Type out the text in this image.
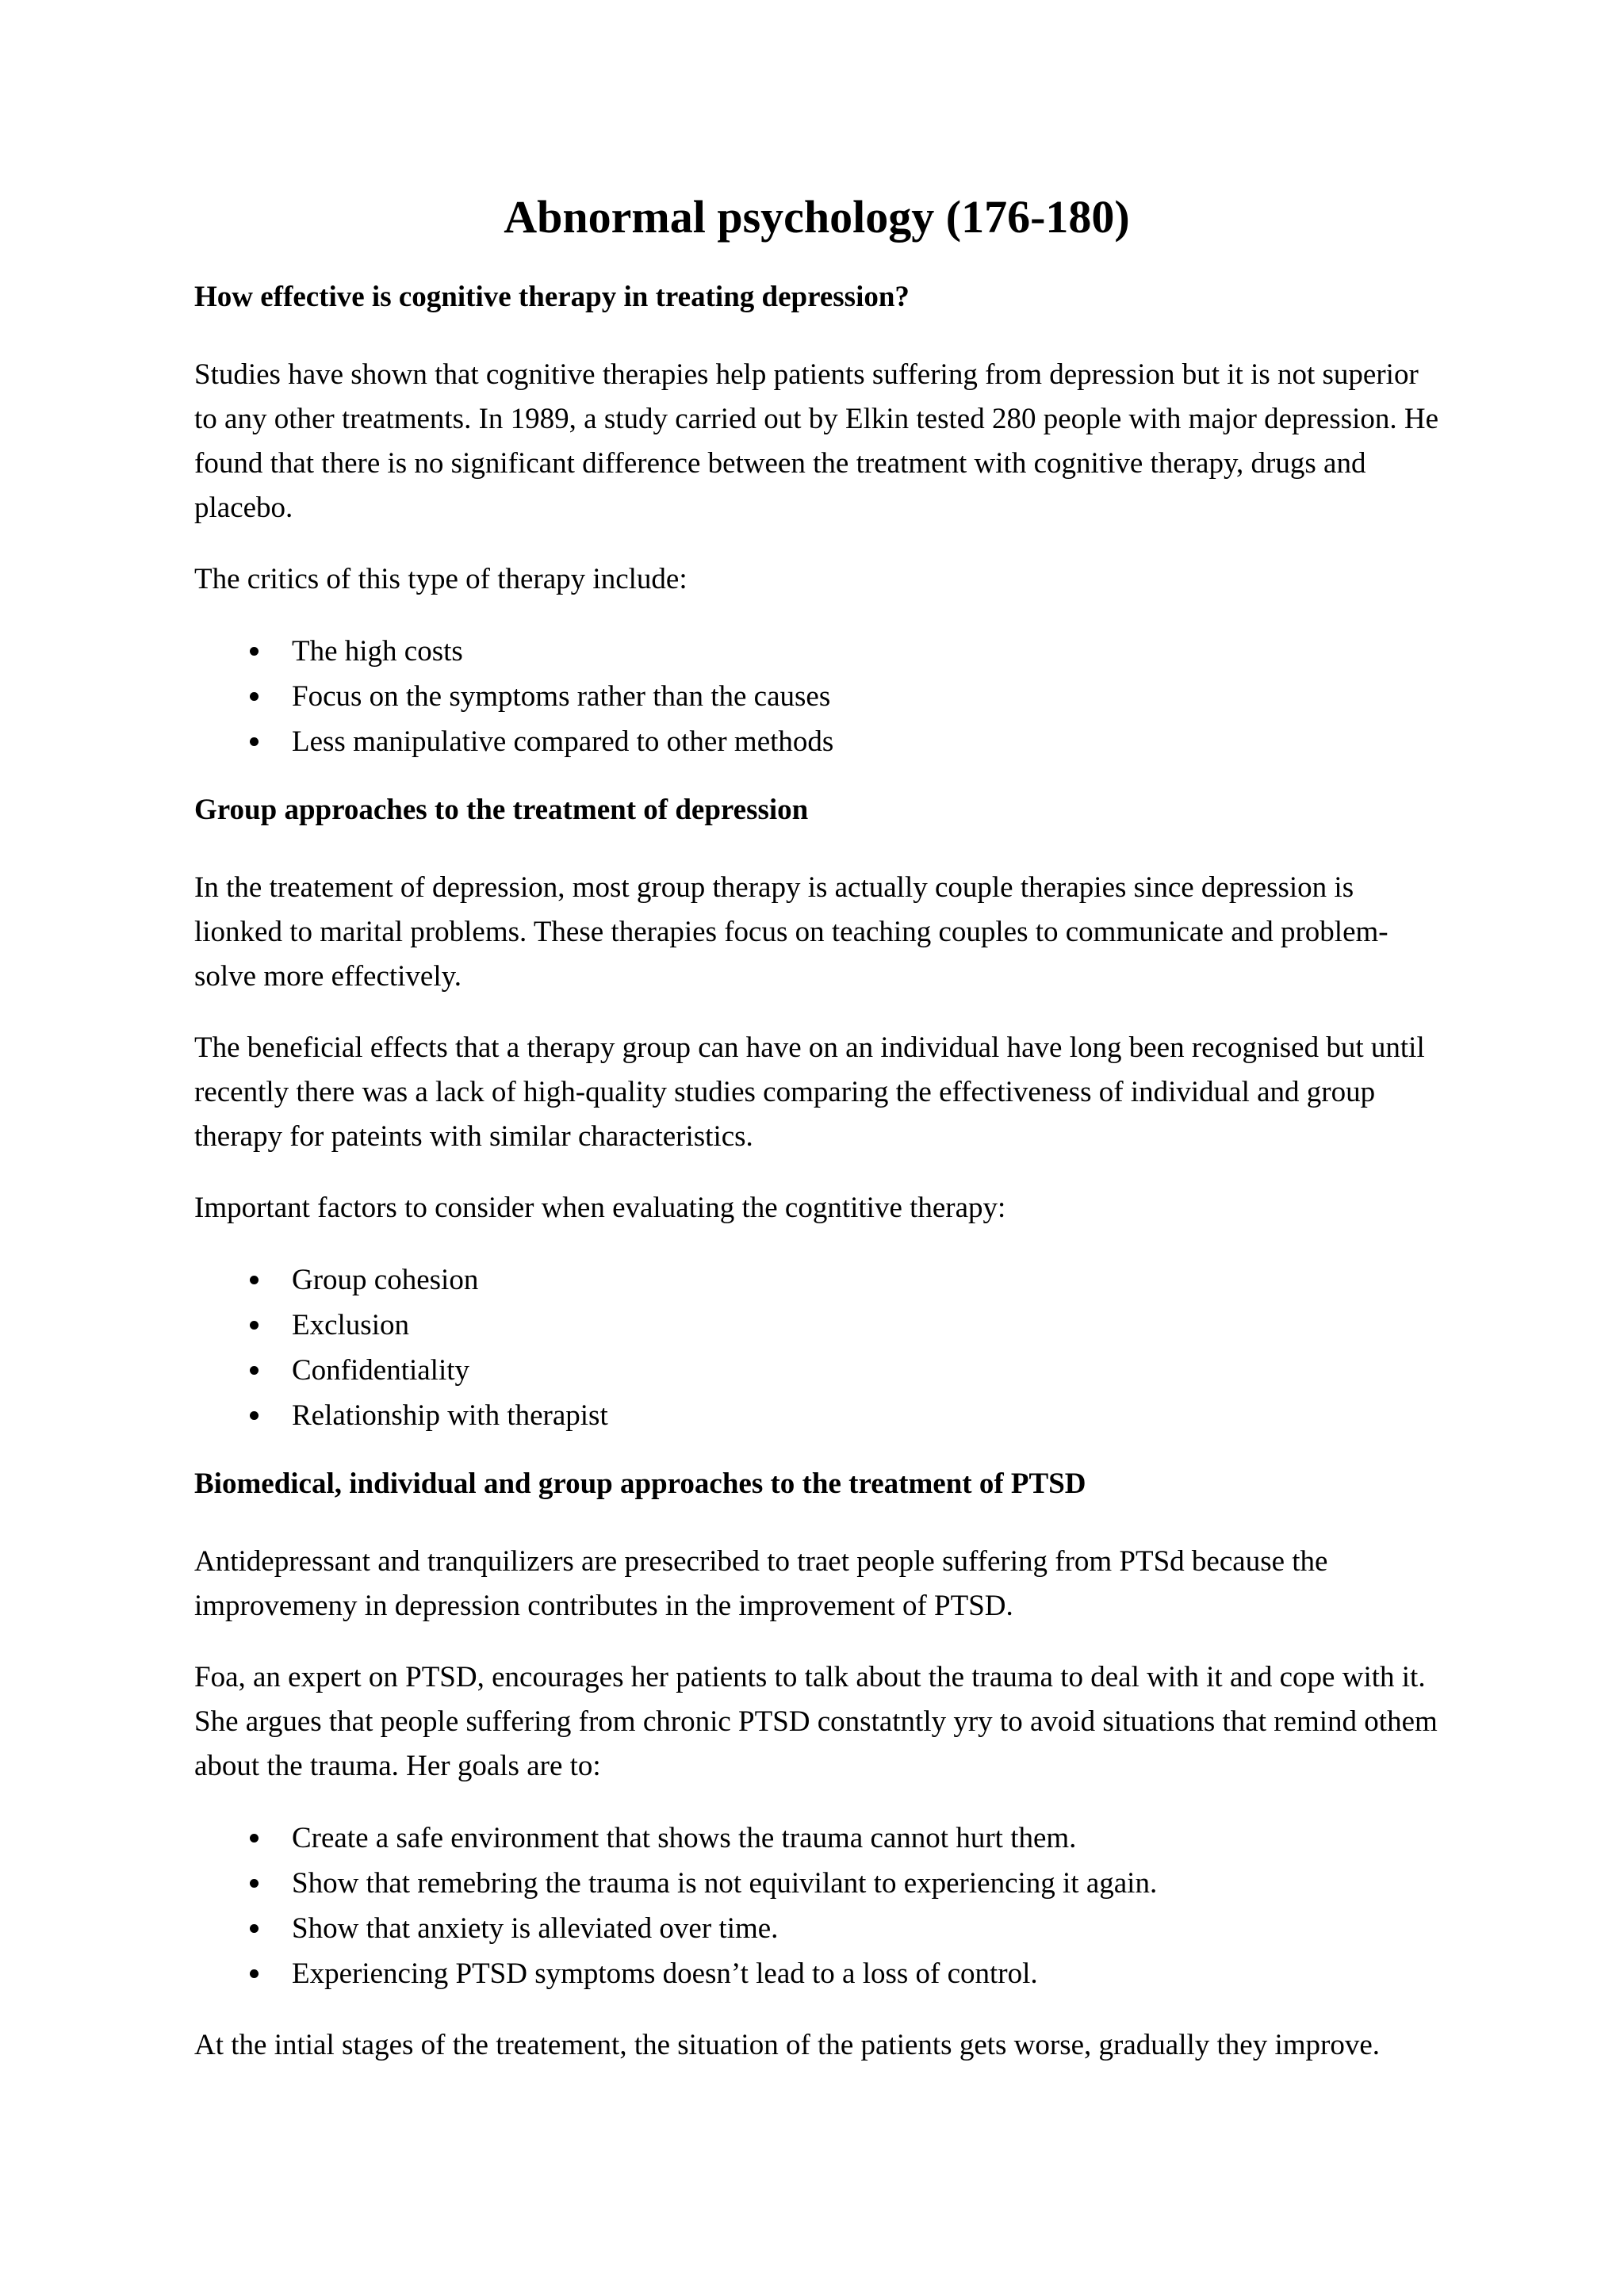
Abnormal psychology (176-180)
How effective is cognitive therapy in treating depression?

Studies have shown that cognitive therapies help patients suffering from depression but it is not superior to any other treatments. In 1989, a study carried out by Elkin tested 280 people with major depression. He found that there is no significant difference between the treatment with cognitive therapy, drugs and placebo.

The critics of this type of therapy include:

The high costs
Focus on the symptoms rather than the causes
Less manipulative compared to other methods
Group approaches to the treatment of depression

In the treatement of depression, most group therapy is actually couple therapies since depression is lionked to marital problems. These therapies focus on teaching couples to communicate and problem-solve more effectively.

The beneficial effects that a therapy group can have on an individual have long been recognised but until recently there was a lack of high-quality studies comparing the effectiveness of individual and group therapy for pateints with similar characteristics.

Important factors to consider when evaluating the cogntitive therapy:

Group cohesion
Exclusion
Confidentiality
Relationship with therapist
Biomedical, individual and group approaches to the treatment of PTSD

Antidepressant and tranquilizers are presecribed to traet people suffering from PTSd because the improvemeny in depression contributes in the improvement of PTSD.

Foa, an expert on PTSD, encourages her patients to talk about the trauma to deal with it and cope with it. She argues that people suffering from chronic PTSD constatntly yry to avoid situations that remind othem about the trauma. Her goals are to:

Create a safe environment that shows the trauma cannot hurt them.
Show that remebring the trauma is not equivilant to experiencing it again.
Show that anxiety is alleviated over time.
Experiencing PTSD symptoms doesn’t lead to a loss of control.

At the intial stages of the treatement, the situation of the patients gets worse, gradually they improve.
